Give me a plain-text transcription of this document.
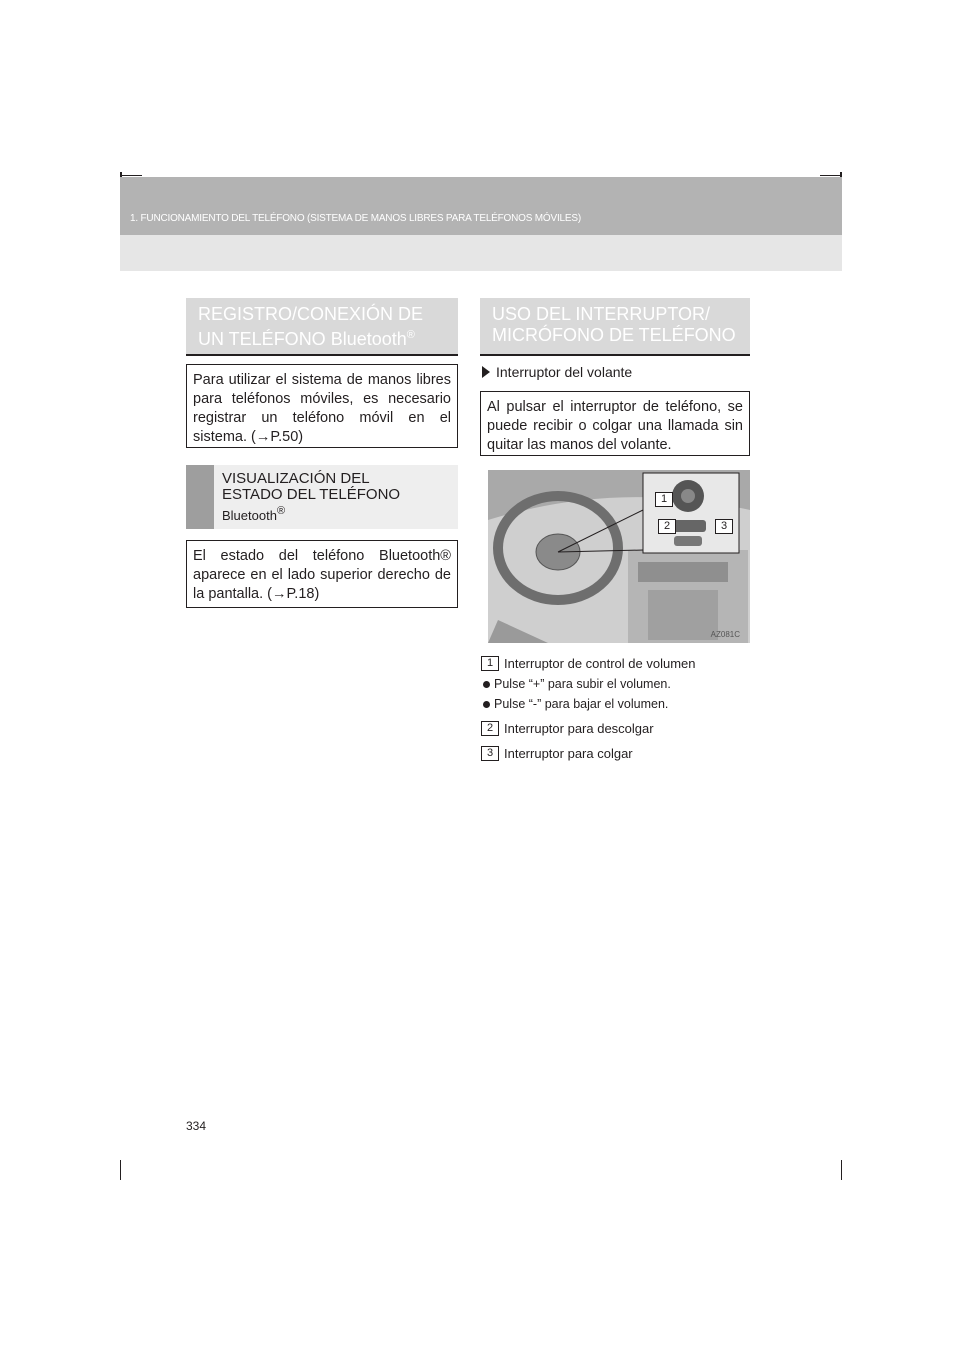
1. FUNCIONAMIENTO DEL TELÉFONO (SISTEMA DE MANOS LIBRES PARA TELÉFONOS MÓVILES)
REGISTRO/CONEXIÓN DE
UN TELÉFONO Bluetooth®
Para utilizar el sistema de manos libres para teléfonos móviles, es necesario registrar un teléfono móvil en el sistema. (→P.50)
VISUALIZACIÓN DEL
ESTADO DEL TELÉFONO
Bluetooth®
El estado del teléfono Bluetooth® aparece en el lado superior derecho de la pantalla. (→P.18)
USO DEL INTERRUPTOR/
MICRÓFONO DE TELÉFONO
Interruptor del volante
Al pulsar el interruptor de teléfono, se puede recibir o colgar una llamada sin quitar las manos del volante.
1
2	3
AZ081C
1 Interruptor de control de volumen
Pulse “+” para subir el volumen.
Pulse “-” para bajar el volumen.
2 Interruptor para descolgar
3 Interruptor para colgar
334
